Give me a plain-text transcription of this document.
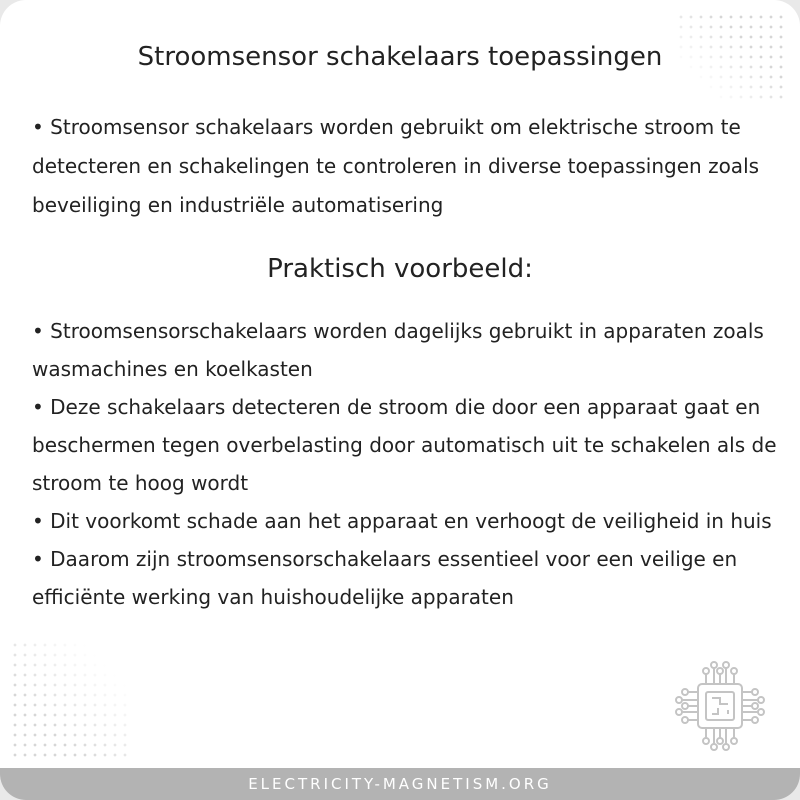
Stroomsensor schakelaars toepassingen

• Stroomsensor schakelaars worden gebruikt om elektrische stroom te detecteren en schakelingen te controleren in diverse toepassingen zoals beveiliging en industriële automatisering

Praktisch voorbeeld:
• Stroomsensorschakelaars worden dagelijks gebruikt in apparaten zoals wasmachines en koelkasten
• Deze schakelaars detecteren de stroom die door een apparaat gaat en beschermen tegen overbelasting door automatisch uit te schakelen als de stroom te hoog wordt
• Dit voorkomt schade aan het apparaat en verhoogt de veiligheid in huis
• Daarom zijn stroomsensorschakelaars essentieel voor een veilige en efficiënte werking van huishoudelijke apparaten
ELECTRICITY-MAGNETISM.ORG
